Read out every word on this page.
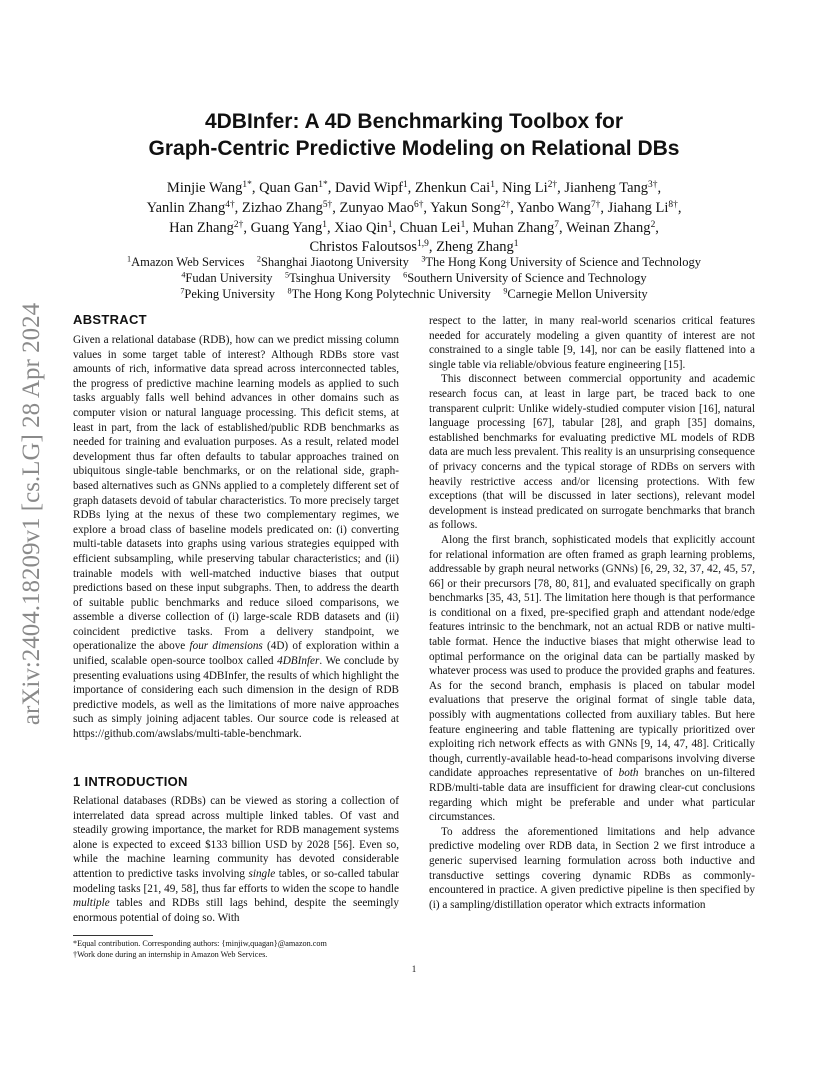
arXiv:2404.18209v1 [cs.LG] 28 Apr 2024
4DBInfer: A 4D Benchmarking Toolbox for
Graph-Centric Predictive Modeling on Relational DBs
Minjie Wang$^{1*}$, Quan Gan$^{1*}$, David Wipf$^1$, Zhenkun Cai$^1$, Ning $Li^{2\dagger}$, Jianheng Tang$^{3\dagger}$,
Yanlin Zhang$^{4\dagger}$, Zizhao Zhang$^{5\dagger}$, Zunyao Mao$^{6\dagger}$, Yakun Song$^{2\dagger}$, Yanbo Wang$^{7\dagger}$, Jiahang $Li^{8\dagger}$,
Han Zhang$^{2\dagger}$, Guang Yang$^1$, Xiao Qin$^1$, Chuan Lei$^1$, Muhan Zhang$^7$, Weinan Zhang$^2$,
Christos Faloutsos$^{1,9}$, Zheng Zhang$^1$
$^1$Amazon Web Services   $^2$Shanghai Jiaotong University   $^3$The Hong Kong University of Science and Technology
$^4$Fudan University   $^5$Tsinghua University   $^6$Southern University of Science and Technology
$^7$Peking University   $^8$The Hong Kong Polytechnic University   $^9$Carnegie Mellon University
ABSTRACT

Given a relational database (RDB), how can we predict missing column values in some target table of interest? Although RDBs store vast amounts of rich, informative data spread across interconnected tables, the progress of predictive machine learning models as applied to such tasks arguably falls well behind advances in other domains such as computer vision or natural language processing. This deficit stems, at least in part, from the lack of established/public RDB benchmarks as needed for training and evaluation purposes. As a result, related model development thus far often defaults to tabular approaches trained on ubiquitous single-table benchmarks, or on the relational side, graph-based alternatives such as GNNs applied to a completely different set of graph datasets devoid of tabular characteristics. To more precisely target RDBs lying at the nexus of these two complementary regimes, we explore a broad class of baseline models predicated on: (i) converting multi-table datasets into graphs using various strategies equipped with efficient subsampling, while preserving tabular characteristics; and (ii) trainable models with well-matched inductive biases that output predictions based on these input subgraphs. Then, to address the dearth of suitable public benchmarks and reduce siloed comparisons, we assemble a diverse collection of (i) large-scale RDB datasets and (ii) coincident predictive tasks. From a delivery standpoint, we operationalize the above four dimensions (4D) of exploration within a unified, scalable open-source toolbox called 4DBInfer. We conclude by presenting evaluations using 4DBInfer, the results of which highlight the importance of considering each such dimension in the design of RDB predictive models, as well as the limitations of more naive approaches such as simply joining adjacent tables. Our source code is released at https://github.com/awslabs/multi-table-benchmark.

1 INTRODUCTION

Relational databases (RDBs) can be viewed as storing a collection of interrelated data spread across multiple linked tables. Of vast and steadily growing importance, the market for RDB management systems alone is expected to exceed $133 billion USD by 2028 [56]. Even so, while the machine learning community has devoted considerable attention to predictive tasks involving single tables, or so-called tabular modeling tasks [21, 49, 58], thus far efforts to widen the scope to handle multiple tables and RDBs still lags behind, despite the seemingly enormous potential of doing so. With

respect to the latter, in many real-world scenarios critical features needed for accurately modeling a given quantity of interest are not constrained to a single table [9, 14], nor can be easily flattened into a single table via reliable/obvious feature engineering [15].

This disconnect between commercial opportunity and academic research focus can, at least in large part, be traced back to one transparent culprit: Unlike widely-studied computer vision [16], natural language processing [67], tabular [28], and graph [35] domains, established benchmarks for evaluating predictive ML models of RDB data are much less prevalent. This reality is an unsurprising consequence of privacy concerns and the typical storage of RDBs on servers with heavily restrictive access and/or licensing protections. With few exceptions (that will be discussed in later sections), relevant model development is instead predicated on surrogate benchmarks that branch as follows.

Along the first branch, sophisticated models that explicitly account for relational information are often framed as graph learning problems, addressable by graph neural networks (GNNs) [6, 29, 32, 37, 42, 45, 57, 66] or their precursors [78, 80, 81], and evaluated specifically on graph benchmarks [35, 43, 51]. The limitation here though is that performance is conditional on a fixed, pre-specified graph and attendant node/edge features intrinsic to the benchmark, not an actual RDB or native multi-table format. Hence the inductive biases that might otherwise lead to optimal performance on the original data can be partially masked by whatever process was used to produce the provided graphs and features. As for the second branch, emphasis is placed on tabular model evaluations that preserve the original format of single table data, possibly with augmentations collected from auxiliary tables. But here feature engineering and table flattening are typically prioritized over exploiting rich network effects as with GNNs [9, 14, 47, 48]. Critically though, currently-available head-to-head comparisons involving diverse candidate approaches representative of both branches on un-filtered RDB/multi-table data are insufficient for drawing clear-cut conclusions regarding which might be preferable and under what particular circumstances.

To address the aforementioned limitations and help advance predictive modeling over RDB data, in Section 2 we first introduce a generic supervised learning formulation across both inductive and transductive settings covering dynamic RDBs as commonly-encountered in practice. A given predictive pipeline is then specified by (i) a sampling/distillation operator which extracts information

*Equal contribution. Corresponding authors: {minjiw,quagan}@amazon.com
†Work done during an internship in Amazon Web Services.
1
